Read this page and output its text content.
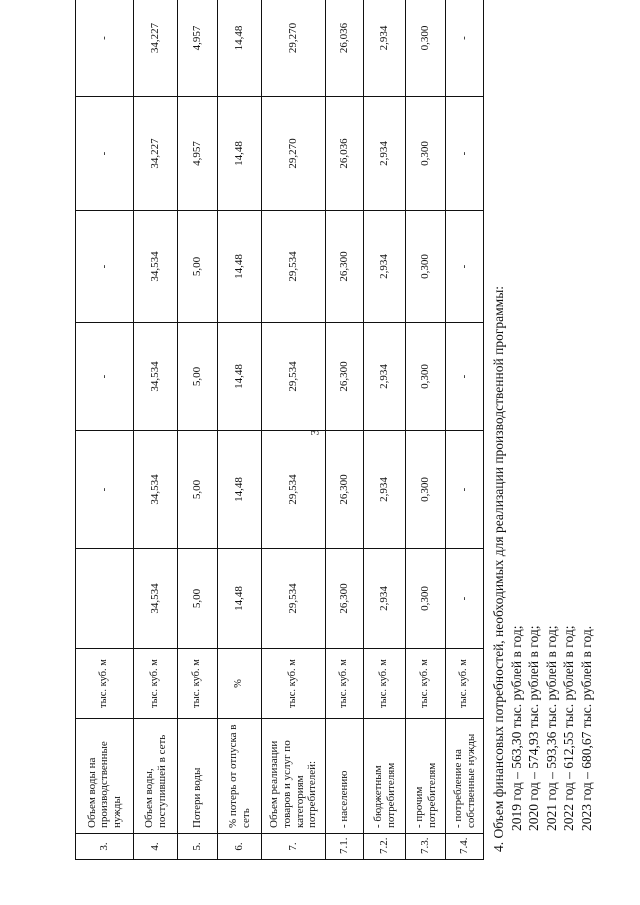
3
3.	Объем воды на производственные нужды	тыс. куб. м		-	-	-	-	-
4.	Объем воды, поступившей в сеть	тыс. куб. м	34,534	34,534	34,534	34,534	34,227	34,227
5.	Потери воды	тыс. куб. м	5,00	5,00	5,00	5,00	4,957	4,957
6.	% потерь от отпуска в сеть	%	14,48	14,48	14,48	14,48	14,48	14,48
7.	Объем реализации товаров и услуг по категориям потребителей:	тыс. куб. м	29,534	29,534	29,534	29,534	29,270	29,270
7.1.	- населению	тыс. куб. м	26,300	26,300	26,300	26,300	26,036	26,036
7.2.	- бюджетным потребителям	тыс. куб. м	2,934	2,934	2,934	2,934	2,934	2,934
7.3.	- прочим потребителям	тыс. куб. м	0,300	0,300	0,300	0,300	0,300	0,300
7.4.	- потребление на собственные нужды	тыс. куб. м	-	-	-	-	-	-
4. Объем финансовых потребностей, необходимых для реализации производственной программы: 2019 год – 563,30 тыс. рублей в год; 2020 год – 574,93 тыс. рублей в год; 2021 год – 593,36 тыс. рублей в год; 2022 год – 612,55 тыс. рублей в год; 2023 год – 680,67 тыс. рублей в год.
